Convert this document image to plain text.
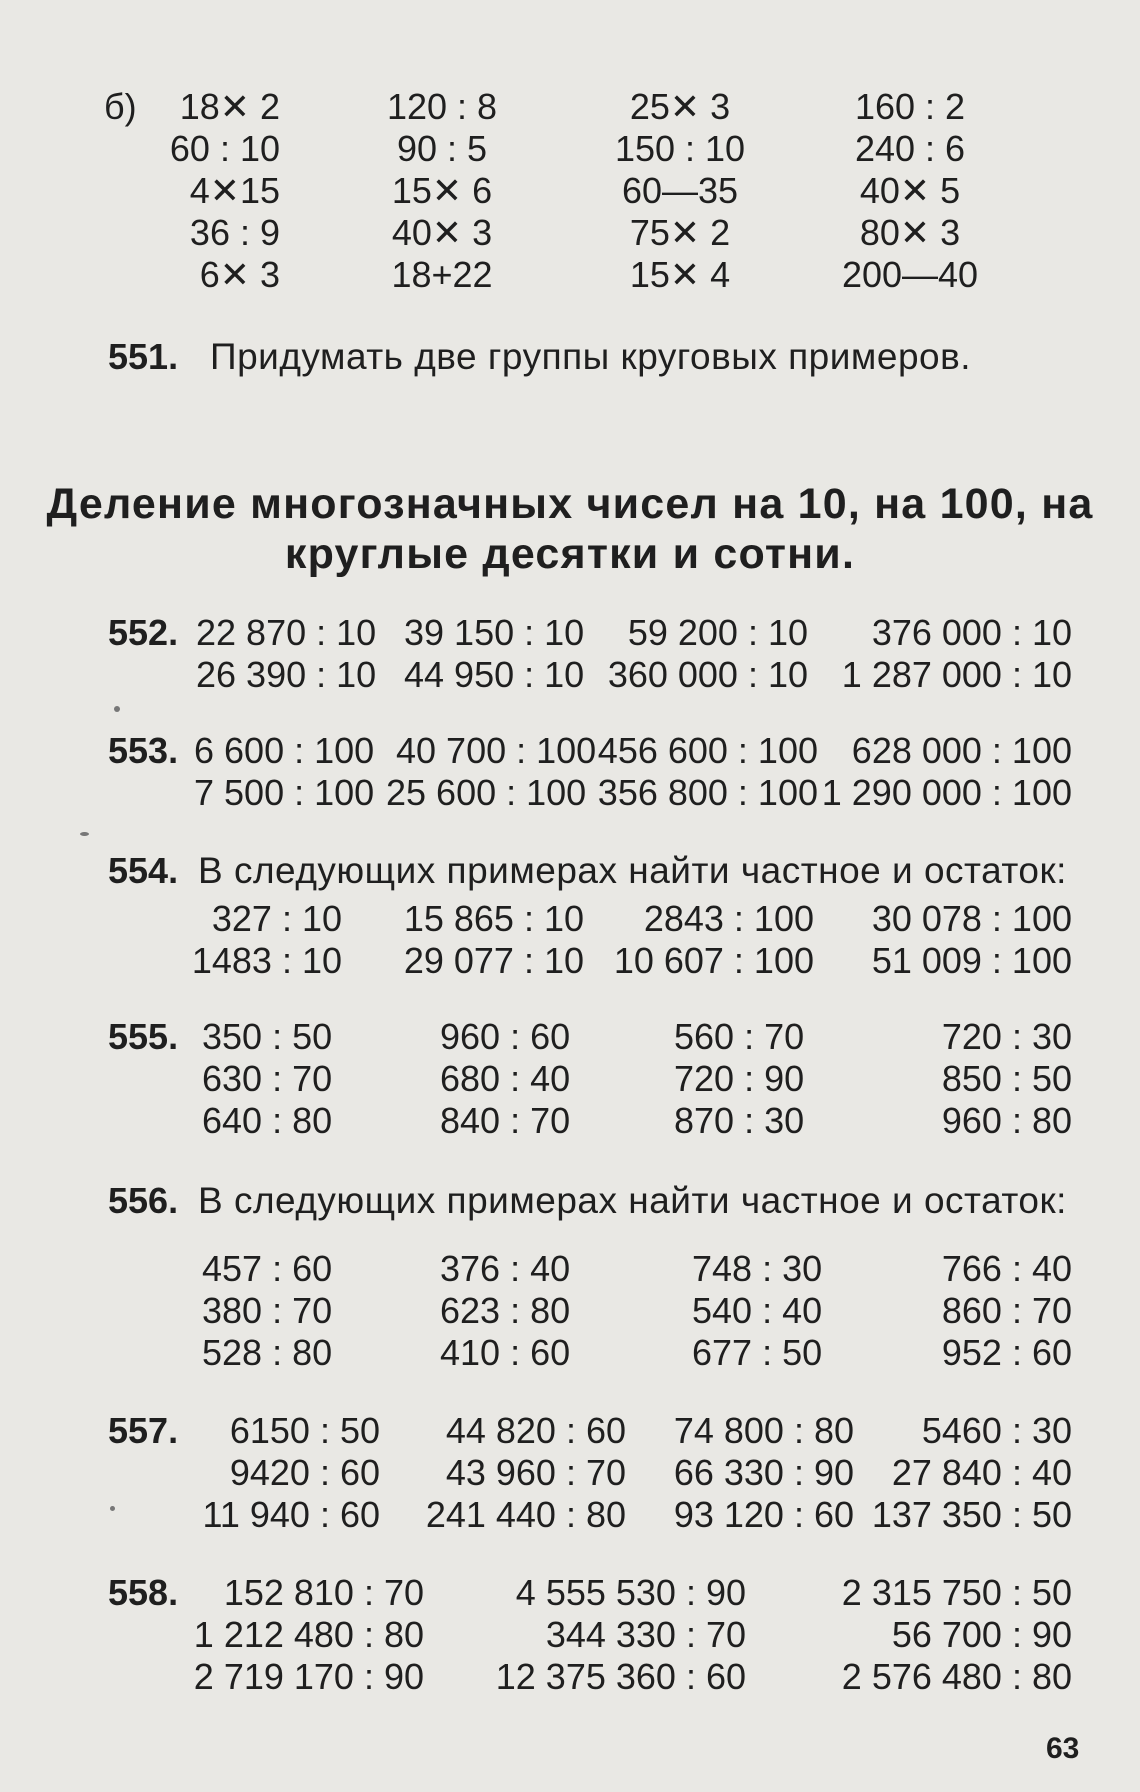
б) 18✕ 2	120 : 8	25✕ 3	160 : 2
60 : 10	90 : 5	150 : 10	240 : 6
4✕15	15✕ 6	60—35	40✕ 5
36 : 9	40✕ 3	75✕ 2	80✕ 3
6✕ 3	18+22	15✕ 4	200—40
551. Придумать две группы круговых примеров.
Деление многозначных чисел на 10, на 100, на
круглые десятки и сотни.
552. 22 870 : 10 39 150 : 10 59 200 : 10 376 000 : 10
26 390 : 10 44 950 : 10 360 000 : 10 1 287 000 : 10
553. 6 600 : 100 40 700 : 100 456 600 : 100 628 000 : 100
7 500 : 100 25 600 : 100 356 800 : 100 1 290 000 : 100
554. В следующих примерах найти частное и остаток:
327 : 10 15 865 : 10 2843 : 100 30 078 : 100
1483 : 10 29 077 : 10 10 607 : 100 51 009 : 100
555. 350 : 50	960 : 60	560 : 70	720 : 30
630 : 70	680 : 40	720 : 90	850 : 50
640 : 80	840 : 70	870 : 30	960 : 80
556. В следующих примерах найти частное и остаток:
457 : 60	376 : 40	748 : 30	766 : 40
380 : 70	623 : 80	540 : 40	860 : 70
528 : 80	410 : 60	677 : 50	952 : 60
557. 6150 : 50 44 820 : 60 74 800 : 80 5460 : 30
9420 : 60 43 960 : 70 66 330 : 90 27 840 : 40
11 940 : 60 241 440 : 80 93 120 : 60 137 350 : 50
558. 152 810 : 70	4 555 530 : 90	2 315 750 : 50
1 212 480 : 80	344 330 : 70	56 700 : 90
2 719 170 : 90 12 375 360 : 60	2 576 480 : 80
63
